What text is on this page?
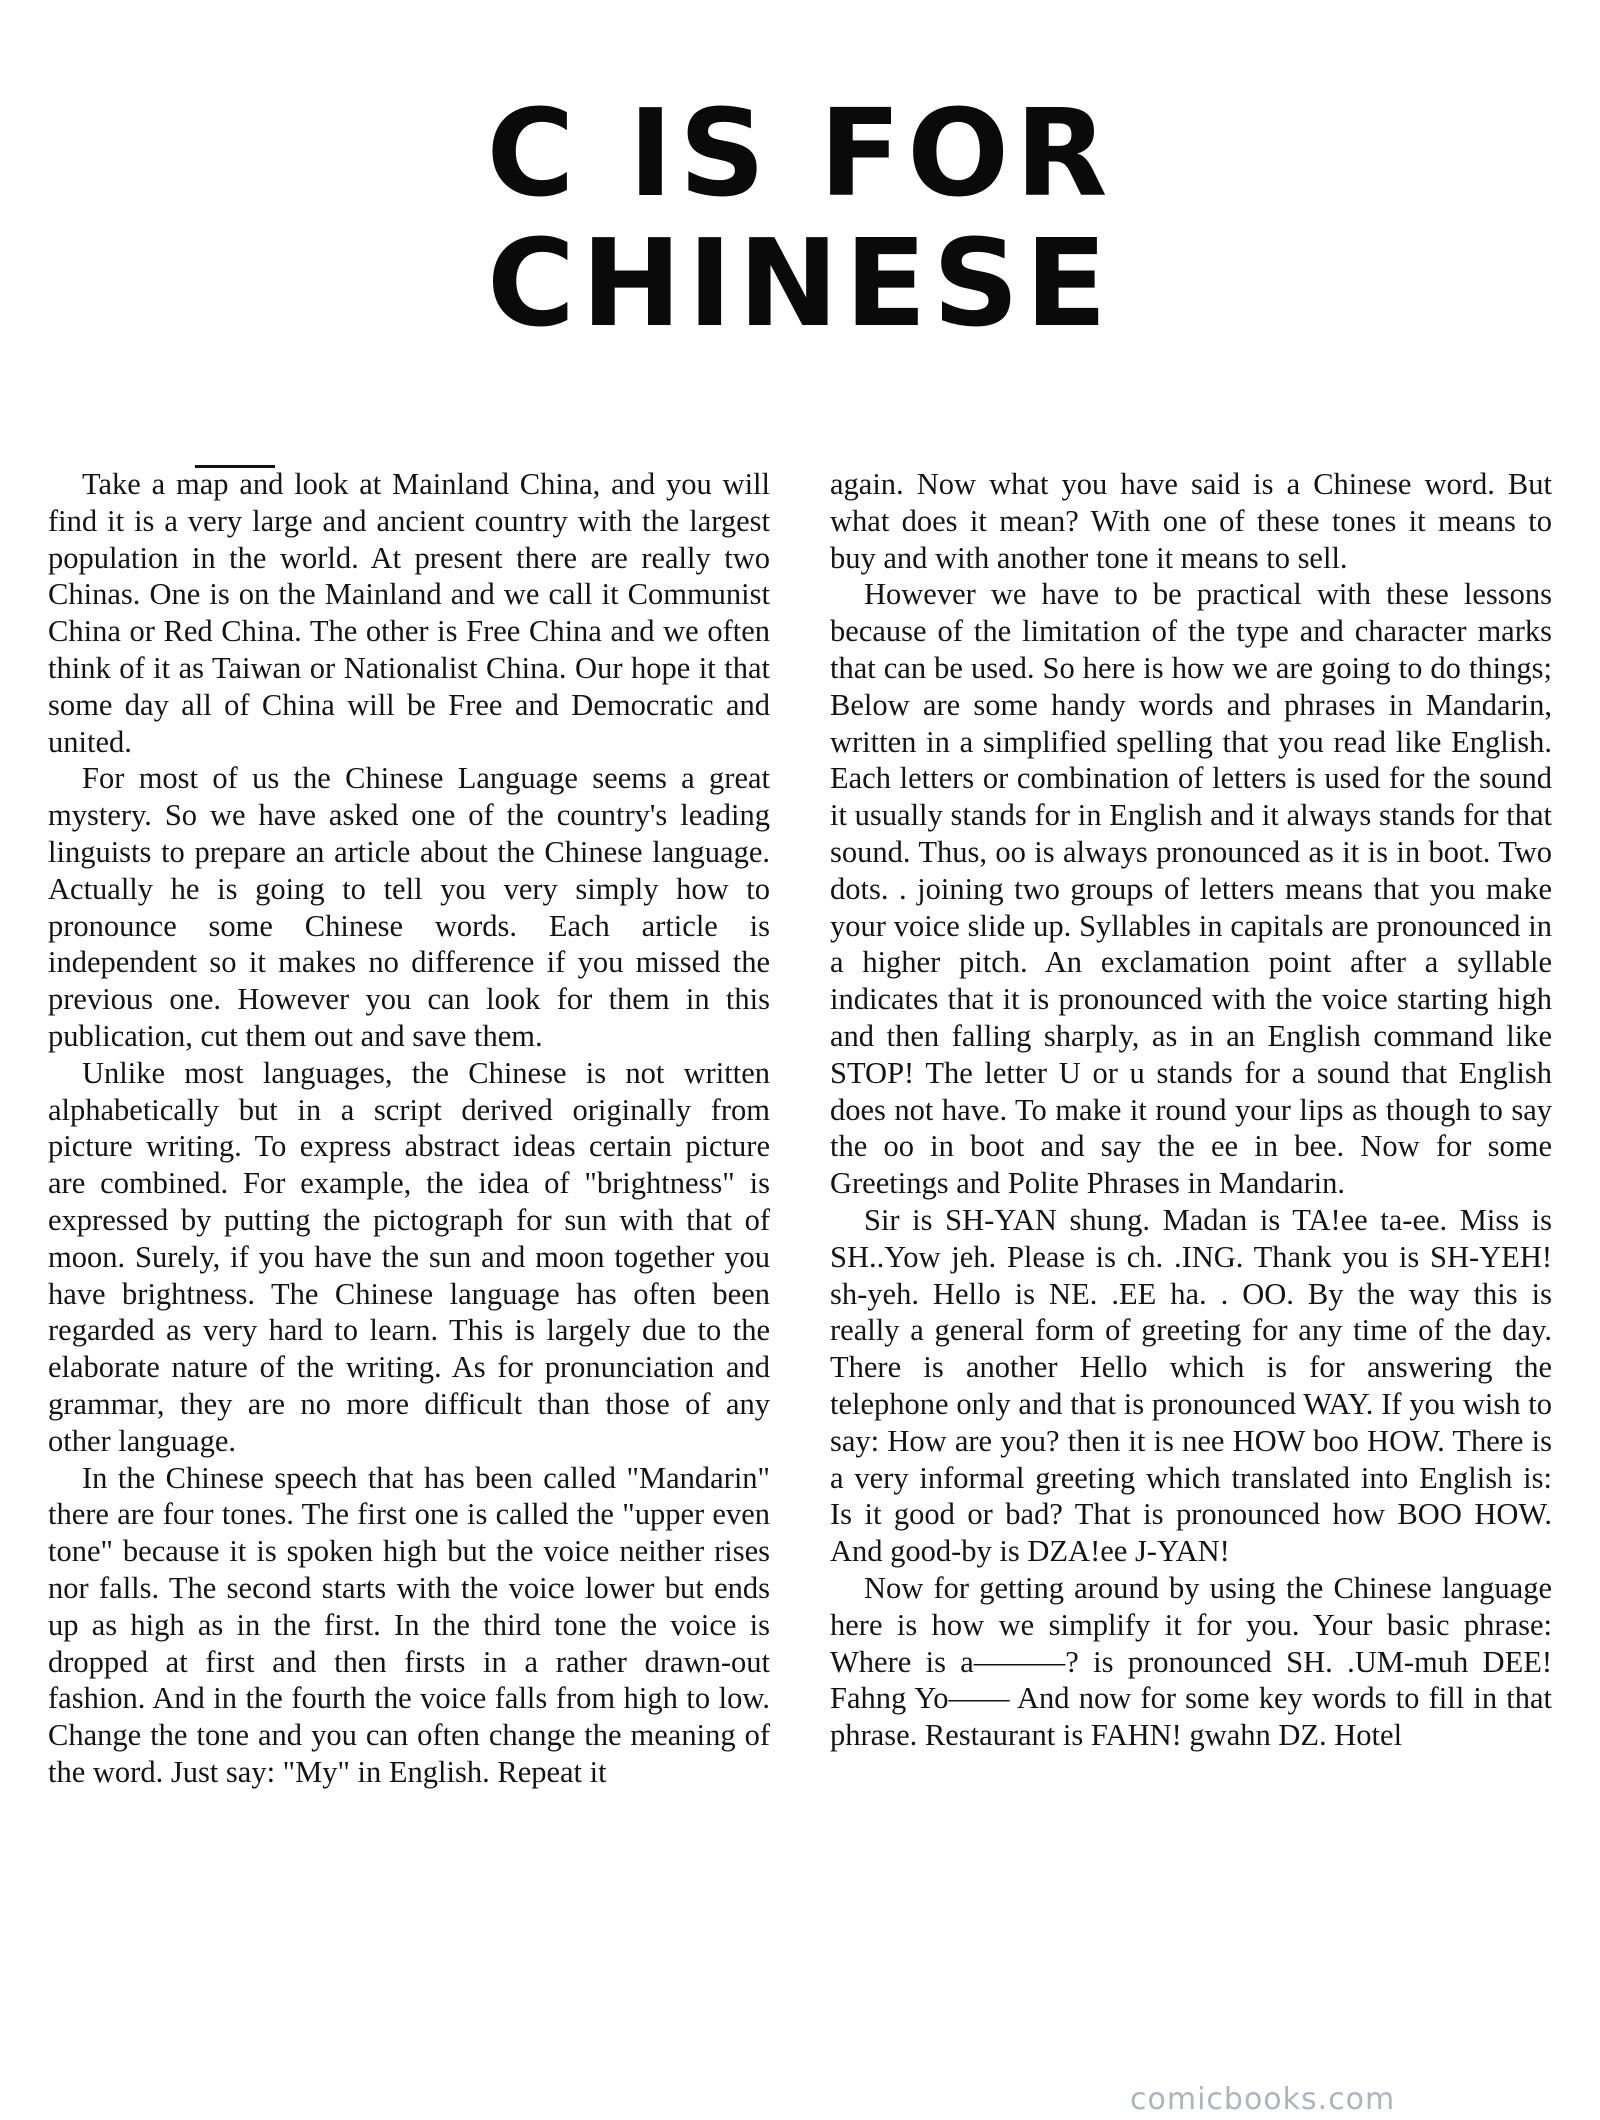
C IS FOR
CHINESE

Take a map and look at Mainland China, and you will find it is a very large and ancient country with the largest population in the world. At present there are really two Chinas. One is on the Mainland and we call it Communist China or Red China. The other is Free China and we often think of it as Taiwan or Nationalist China. Our hope it that some day all of China will be Free and Democratic and united.

For most of us the Chinese Language seems a great mystery. So we have asked one of the country's leading linguists to prepare an article about the Chinese language. Actually he is going to tell you very simply how to pronounce some Chinese words. Each article is independent so it makes no difference if you missed the previous one. However you can look for them in this publication, cut them out and save them.

Unlike most languages, the Chinese is not written alphabetically but in a script derived originally from picture writing. To express abstract ideas certain picture are combined. For example, the idea of "brightness" is expressed by putting the pictograph for sun with that of moon. Surely, if you have the sun and moon together you have brightness. The Chinese language has often been regarded as very hard to learn. This is largely due to the elaborate nature of the writing. As for pronunciation and grammar, they are no more difficult than those of any other language.

In the Chinese speech that has been called "Mandarin" there are four tones. The first one is called the "upper even tone" because it is spoken high but the voice neither rises nor falls. The second starts with the voice lower but ends up as high as in the first. In the third tone the voice is dropped at first and then firsts in a rather drawn-out fashion. And in the fourth the voice falls from high to low. Change the tone and you can often change the meaning of the word. Just say: "My" in English. Repeat it

again. Now what you have said is a Chinese word. But what does it mean? With one of these tones it means to buy and with another tone it means to sell.

However we have to be practical with these lessons because of the limitation of the type and character marks that can be used. So here is how we are going to do things; Below are some handy words and phrases in Mandarin, written in a simplified spelling that you read like English. Each letters or combination of letters is used for the sound it usually stands for in English and it always stands for that sound. Thus, oo is always pronounced as it is in boot. Two dots. . joining two groups of letters means that you make your voice slide up. Syllables in capitals are pronounced in a higher pitch. An exclamation point after a syllable indicates that it is pronounced with the voice starting high and then falling sharply, as in an English command like STOP! The letter U or u stands for a sound that English does not have. To make it round your lips as though to say the oo in boot and say the ee in bee. Now for some Greetings and Polite Phrases in Mandarin.

Sir is SH-YAN shung. Madan is TA!ee ta-ee. Miss is SH..Yow jeh. Please is ch. .ING. Thank you is SH-YEH! sh-yeh. Hello is NE. .EE ha. . OO. By the way this is really a general form of greeting for any time of the day. There is another Hello which is for answering the telephone only and that is pronounced WAY. If you wish to say: How are you? then it is nee HOW boo HOW. There is a very informal greeting which translated into English is: Is it good or bad? That is pronounced how BOO HOW. And good-by is DZA!ee J-YAN!

Now for getting around by using the Chinese language here is how we simplify it for you. Your basic phrase: Where is a———? is pronounced SH. .UM-muh DEE! Fahng Yo—— And now for some key words to fill in that phrase. Restaurant is FAHN! gwahn DZ. Hotel

comicbooks.com
